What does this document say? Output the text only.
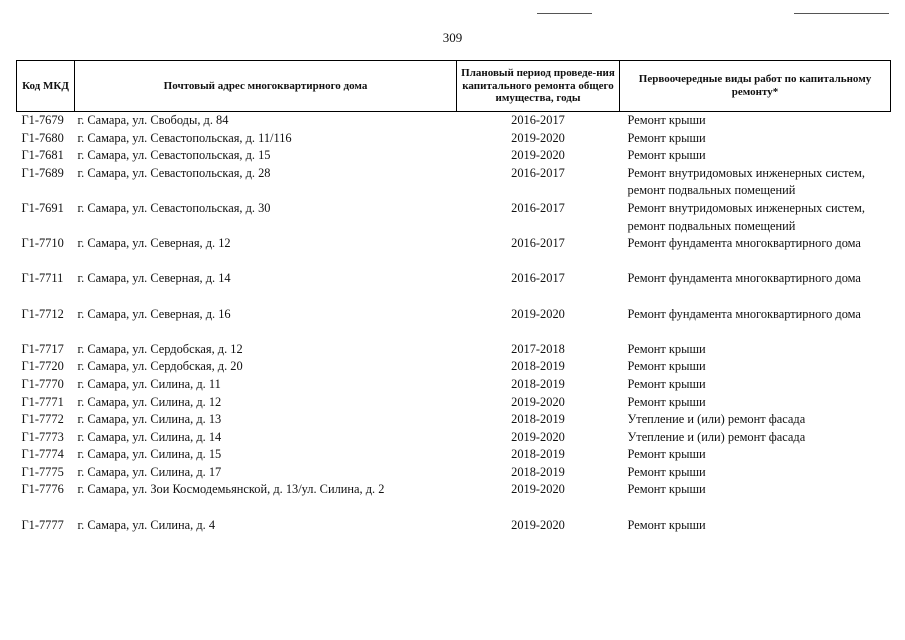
309
Код МКД	Почтовый адрес многоквартирного дома	Плановый период проведе-ния капитального ремонта общего имущества, годы	Первоочередные виды работ по капитальному ремонту*
Г1-7679	г. Самара, ул. Свободы, д. 84	2016-2017	Ремонт крыши
Г1-7680	г. Самара, ул. Севастопольская, д. 11/116	2019-2020	Ремонт крыши
Г1-7681	г. Самара, ул. Севастопольская, д. 15	2019-2020	Ремонт крыши
Г1-7689	г. Самара, ул. Севастопольская, д. 28	2016-2017	Ремонт внутридомовых инженерных систем, ремонт подвальных помещений
Г1-7691	г. Самара, ул. Севастопольская, д. 30	2016-2017	Ремонт внутридомовых инженерных систем, ремонт подвальных помещений
Г1-7710	г. Самара, ул. Северная, д. 12	2016-2017	Ремонт фундамента многоквартирного дома
Г1-7711	г. Самара, ул. Северная, д. 14	2016-2017	Ремонт фундамента многоквартирного дома
Г1-7712	г. Самара, ул. Северная, д. 16	2019-2020	Ремонт фундамента многоквартирного дома
Г1-7717	г. Самара, ул. Сердобская, д. 12	2017-2018	Ремонт крыши
Г1-7720	г. Самара, ул. Сердобская, д. 20	2018-2019	Ремонт крыши
Г1-7770	г. Самара, ул. Силина, д. 11	2018-2019	Ремонт крыши
Г1-7771	г. Самара, ул. Силина, д. 12	2019-2020	Ремонт крыши
Г1-7772	г. Самара, ул. Силина, д. 13	2018-2019	Утепление и (или) ремонт фасада
Г1-7773	г. Самара, ул. Силина, д. 14	2019-2020	Утепление и (или) ремонт фасада
Г1-7774	г. Самара, ул. Силина, д. 15	2018-2019	Ремонт крыши
Г1-7775	г. Самара, ул. Силина, д. 17	2018-2019	Ремонт крыши
Г1-7776	г. Самара, ул. Зои Космодемьянской, д. 13/ул. Силина, д. 2	2019-2020	Ремонт крыши
Г1-7777	г. Самара, ул. Силина, д. 4	2019-2020	Ремонт крыши
